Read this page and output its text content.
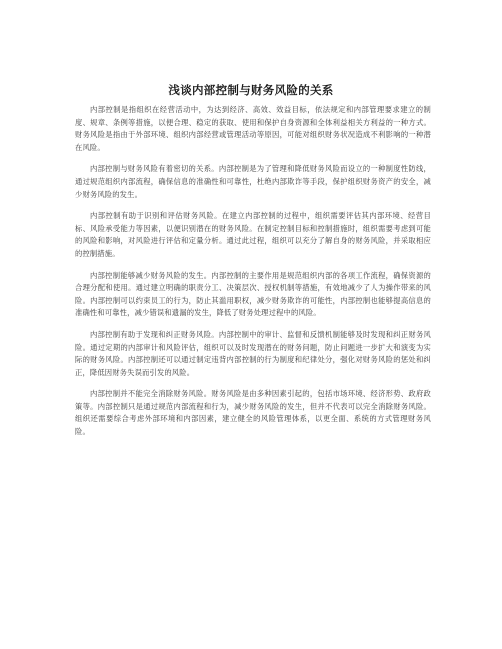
浅谈内部控制与财务风险的关系

内部控制是指组织在经营活动中，为达到经济、高效、效益目标，依法规定和内部管理要求建立的制度、规章、条例等措施，以便合理、稳定的获取、使用和保护自身资源和全体利益相关方利益的一种方式。财务风险是指由于外部环境、组织内部经营或管理活动等原因，可能对组织财务状况造成不利影响的一种潜在风险。

内部控制与财务风险有着密切的关系。内部控制是为了管理和降低财务风险而设立的一种制度性防线，通过规范组织内部流程，确保信息的准确性和可靠性，杜绝内部欺诈等手段，保护组织财务资产的安全，减少财务风险的发生。

内部控制有助于识别和评估财务风险。在建立内部控制的过程中，组织需要评估其内部环境、经营目标、风险承受能力等因素，以便识别潜在的财务风险。在制定控制目标和控制措施时，组织需要考虑到可能的风险和影响，对风险进行评估和定量分析。通过此过程，组织可以充分了解自身的财务风险，并采取相应的控制措施。

内部控制能够减少财务风险的发生。内部控制的主要作用是规范组织内部的各项工作流程，确保资源的合理分配和使用。通过建立明确的职责分工、决策层次、授权机制等措施，有效地减少了人为操作带来的风险。内部控制可以约束员工的行为，防止其滥用职权，减少财务欺诈的可能性，内部控制也能够提高信息的准确性和可靠性，减少错误和遗漏的发生，降低了财务处理过程中的风险。

内部控制有助于发现和纠正财务风险。内部控制中的审计、监督和反馈机制能够及时发现和纠正财务风险。通过定期的内部审计和风险评估，组织可以及时发现潜在的财务问题，防止问题进一步扩大和演变为实际的财务风险。内部控制还可以通过制定违背内部控制的行为制度和纪律处分，强化对财务风险的惩处和纠正，降低因财务失误而引发的风险。

内部控制并不能完全消除财务风险。财务风险是由多种因素引起的，包括市场环境、经济形势、政府政策等。内部控制只是通过规范内部流程和行为，减少财务风险的发生，但并不代表可以完全消除财务风险。组织还需要综合考虑外部环境和内部因素，建立健全的风险管理体系，以更全面、系统的方式管理财务风险。
